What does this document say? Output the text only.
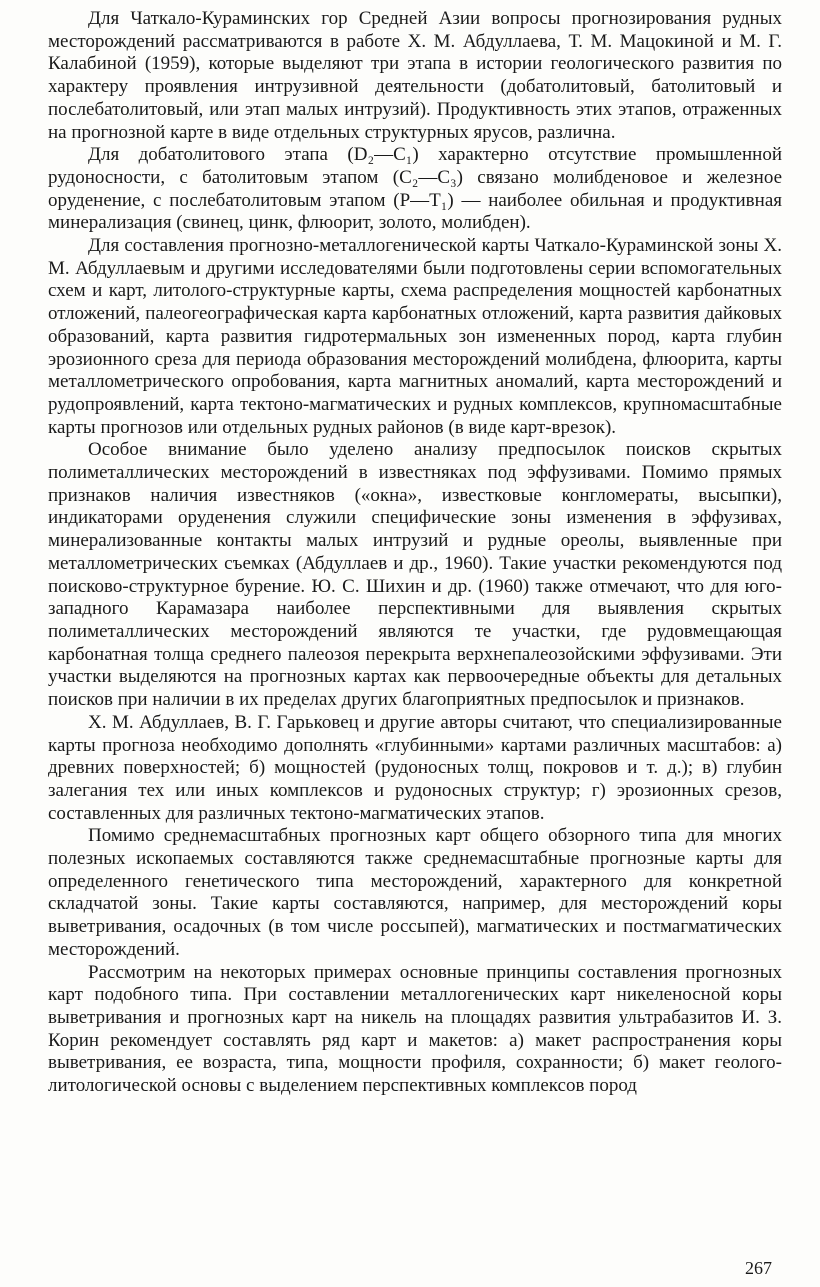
Для Чаткало-Кураминских гор Средней Азии вопросы прогнозирования рудных месторождений рассматриваются в работе Х. М. Абдуллаева, Т. М. Мацокиной и М. Г. Калабиной (1959), которые выделяют три этапа в истории геологического развития по характеру проявления интрузивной деятельности (добатолитовый, батолитовый и послебатолитовый, или этап малых интрузий). Продуктивность этих этапов, отраженных на прогнозной карте в виде отдельных структурных ярусов, различна.

Для добатолитового этапа (D₂—C₁) характерно отсутствие промышленной рудоносности, с батолитовым этапом (C₂—C₃) связано молибденовое и железное оруденение, с послебатолитовым этапом (P—T₁) — наиболее обильная и продуктивная минерализация (свинец, цинк, флюорит, золото, молибден).

Для составления прогнозно-металлогенической карты Чаткало-Кураминской зоны Х. М. Абдуллаевым и другими исследователями были подготовлены серии вспомогательных схем и карт, литолого-структурные карты, схема распределения мощностей карбонатных отложений, палеогеографическая карта карбонатных отложений, карта развития дайковых образований, карта развития гидротермальных зон измененных пород, карта глубин эрозионного среза для периода образования месторождений молибдена, флюорита, карты металлометрического опробования, карта магнитных аномалий, карта месторождений и рудопроявлений, карта тектоно-магматических и рудных комплексов, крупномасштабные карты прогнозов или отдельных рудных районов (в виде карт-врезок).

Особое внимание было уделено анализу предпосылок поисков скрытых полиметаллических месторождений в известняках под эффузивами. Помимо прямых признаков наличия известняков («окна», известковые конгломераты, высыпки), индикаторами оруденения служили специфические зоны изменения в эффузивах, минерализованные контакты малых интрузий и рудные ореолы, выявленные при металлометрических съемках (Абдуллаев и др., 1960). Такие участки рекомендуются под поисково-структурное бурение. Ю. С. Шихин и др. (1960) также отмечают, что для юго-западного Карамазара наиболее перспективными для выявления скрытых полиметаллических месторождений являются те участки, где рудовмещающая карбонатная толща среднего палеозоя перекрыта верхнепалеозойскими эффузивами. Эти участки выделяются на прогнозных картах как первоочередные объекты для детальных поисков при наличии в их пределах других благоприятных предпосылок и признаков.

Х. М. Абдуллаев, В. Г. Гарьковец и другие авторы считают, что специализированные карты прогноза необходимо дополнять «глубинными» картами различных масштабов: а) древних поверхностей; б) мощностей (рудоносных толщ, покровов и т. д.); в) глубин залегания тех или иных комплексов и рудоносных структур; г) эрозионных срезов, составленных для различных тектоно-магматических этапов.

Помимо среднемасштабных прогнозных карт общего обзорного типа для многих полезных ископаемых составляются также среднемасштабные прогнозные карты для определенного генетического типа месторождений, характерного для конкретной складчатой зоны. Такие карты составляются, например, для месторождений коры выветривания, осадочных (в том числе россыпей), магматических и постмагматических месторождений.

Рассмотрим на некоторых примерах основные принципы составления прогнозных карт подобного типа. При составлении металлогенических карт никеленосной коры выветривания и прогнозных карт на никель на площадях развития ультрабазитов И. З. Корин рекомендует составлять ряд карт и макетов: а) макет распространения коры выветривания, ее возраста, типа, мощности профиля, сохранности; б) макет геолого-литологической основы с выделением перспективных комплексов пород

267
